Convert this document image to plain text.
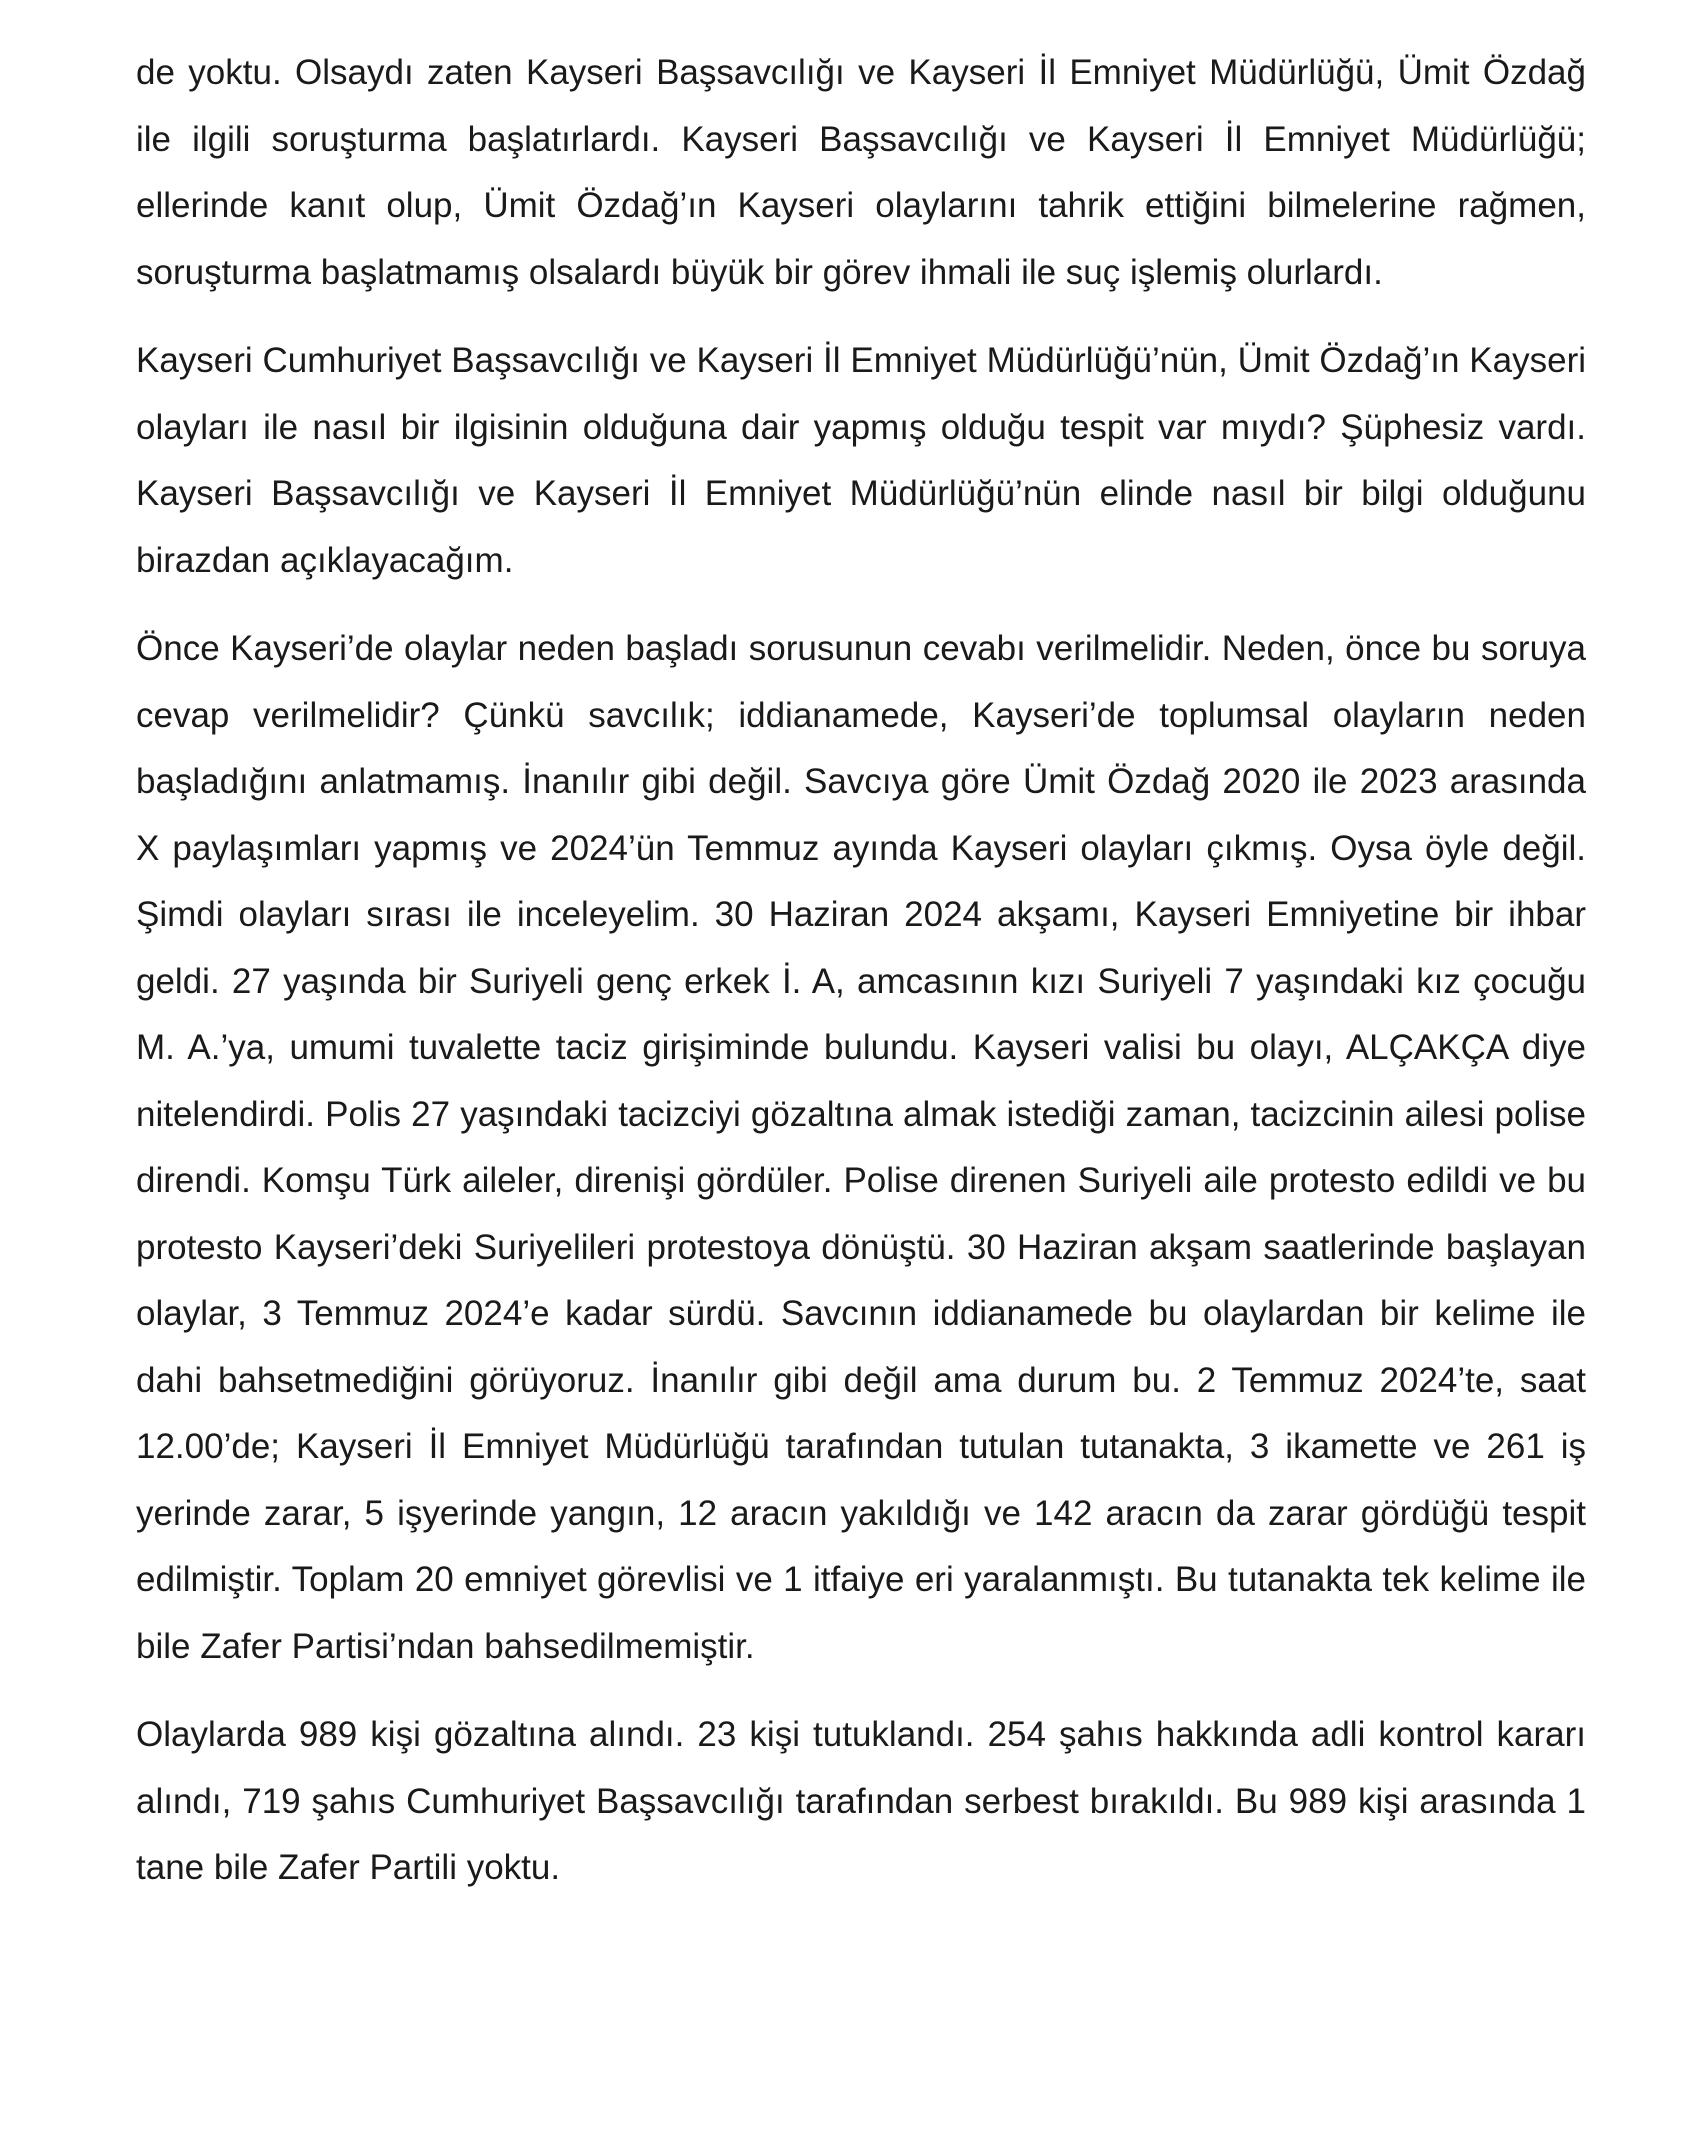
de yoktu. Olsaydı zaten Kayseri Başsavcılığı ve Kayseri İl Emniyet Müdürlüğü, Ümit Özdağ ile ilgili soruşturma başlatırlardı. Kayseri Başsavcılığı ve Kayseri İl Emniyet Müdürlüğü; ellerinde kanıt olup, Ümit Özdağ’ın Kayseri olaylarını tahrik ettiğini bilmelerine rağmen, soruşturma başlatmamış olsalardı büyük bir görev ihmali ile suç işlemiş olurlardı.

Kayseri Cumhuriyet Başsavcılığı ve Kayseri İl Emniyet Müdürlüğü’nün, Ümit Özdağ’ın Kayseri olayları ile nasıl bir ilgisinin olduğuna dair yapmış olduğu tespit var mıydı? Şüphesiz vardı. Kayseri Başsavcılığı ve Kayseri İl Emniyet Müdürlüğü’nün elinde nasıl bir bilgi olduğunu birazdan açıklayacağım.

Önce Kayseri’de olaylar neden başladı sorusunun cevabı verilmelidir. Neden, önce bu soruya cevap verilmelidir? Çünkü savcılık; iddianamede, Kayseri’de toplumsal olayların neden başladığını anlatmamış. İnanılır gibi değil. Savcıya göre Ümit Özdağ 2020 ile 2023 arasında X paylaşımları yapmış ve 2024’ün Temmuz ayında Kayseri olayları çıkmış. Oysa öyle değil. Şimdi olayları sırası ile inceleyelim. 30 Haziran 2024 akşamı, Kayseri Emniyetine bir ihbar geldi. 27 yaşında bir Suriyeli genç erkek İ. A, amcasının kızı Suriyeli 7 yaşındaki kız çocuğu M. A.’ya, umumi tuvalette taciz girişiminde bulundu. Kayseri valisi bu olayı, ALÇAKÇA diye nitelendirdi. Polis 27 yaşındaki tacizciyi gözaltına almak istediği zaman, tacizcinin ailesi polise direndi. Komşu Türk aileler, direnişi gördüler. Polise direnen Suriyeli aile protesto edildi ve bu protesto Kayseri’deki Suriyelileri protestoya dönüştü. 30 Haziran akşam saatlerinde başlayan olaylar, 3 Temmuz 2024’e kadar sürdü. Savcının iddianamede bu olaylardan bir kelime ile dahi bahsetmediğini görüyoruz. İnanılır gibi değil ama durum bu. 2 Temmuz 2024’te, saat 12.00’de; Kayseri İl Emniyet Müdürlüğü tarafından tutulan tutanakta, 3 ikamette ve 261 iş yerinde zarar, 5 işyerinde yangın, 12 aracın yakıldığı ve 142 aracın da zarar gördüğü tespit edilmiştir. Toplam 20 emniyet görevlisi ve 1 itfaiye eri yaralanmıştı. Bu tutanakta tek kelime ile bile Zafer Partisi’ndan bahsedilmemiştir.

Olaylarda 989 kişi gözaltına alındı. 23 kişi tutuklandı. 254 şahıs hakkında adli kontrol kararı alındı, 719 şahıs Cumhuriyet Başsavcılığı tarafından serbest bırakıldı. Bu 989 kişi arasında 1 tane bile Zafer Partili yoktu.
